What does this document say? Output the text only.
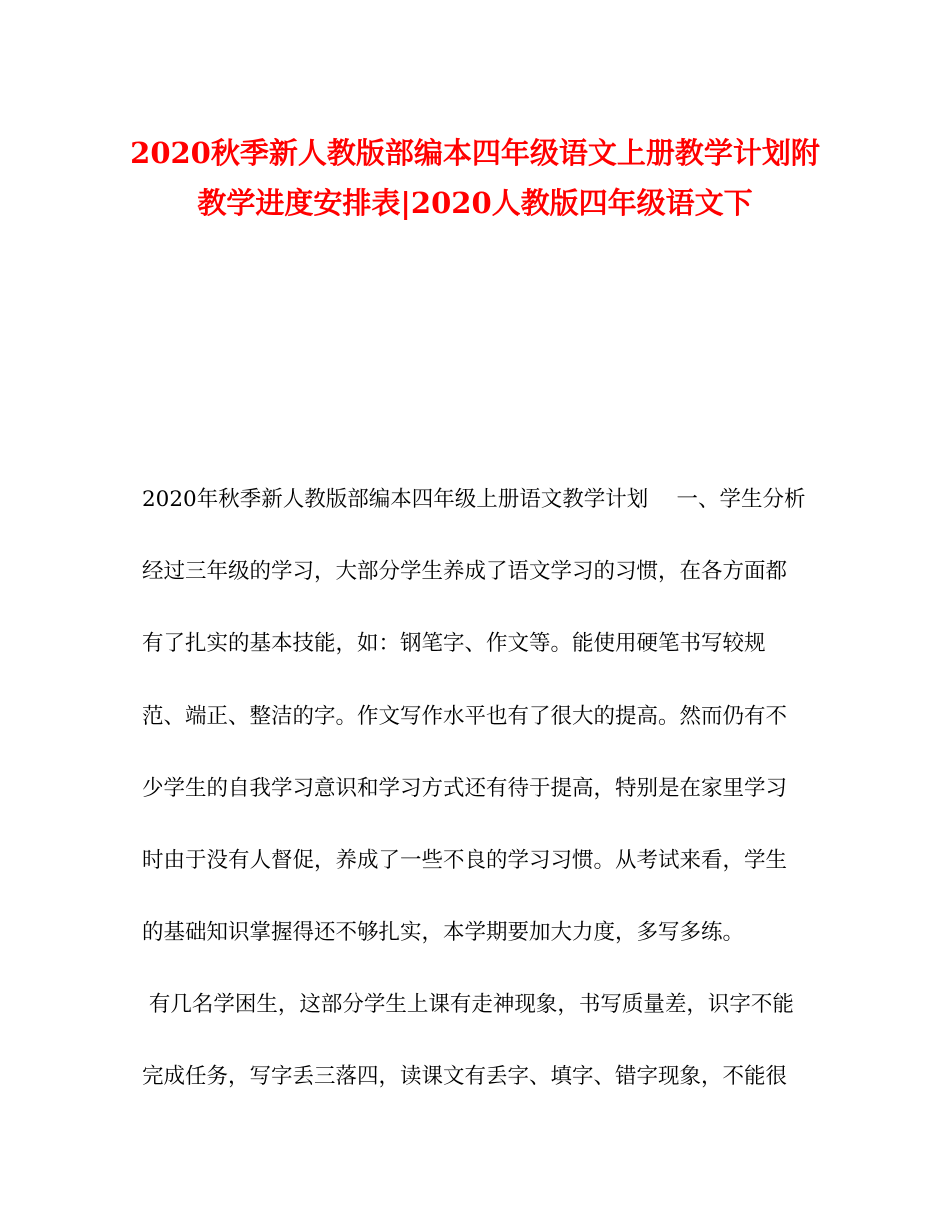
2020秋季新人教版部编本四年级语文上册教学计划附
教学进度安排表|2020人教版四年级语文下
2020年秋季新人教版部编本四年级上册语文教学计划　 一、学生分析
经过三年级的学习，大部分学生养成了语文学习的习惯，在各方面都
有了扎实的基本技能，如：钢笔字、作文等。能使用硬笔书写较规
范、端正、整洁的字。作文写作水平也有了很大的提高。然而仍有不
少学生的自我学习意识和学习方式还有待于提高，特别是在家里学习
时由于没有人督促，养成了一些不良的学习习惯。从考试来看，学生
的基础知识掌握得还不够扎实，本学期要加大力度，多写多练。
有几名学困生，这部分学生上课有走神现象，书写质量差，识字不能
完成任务，写字丢三落四，读课文有丢字、填字、错字现象，不能很
